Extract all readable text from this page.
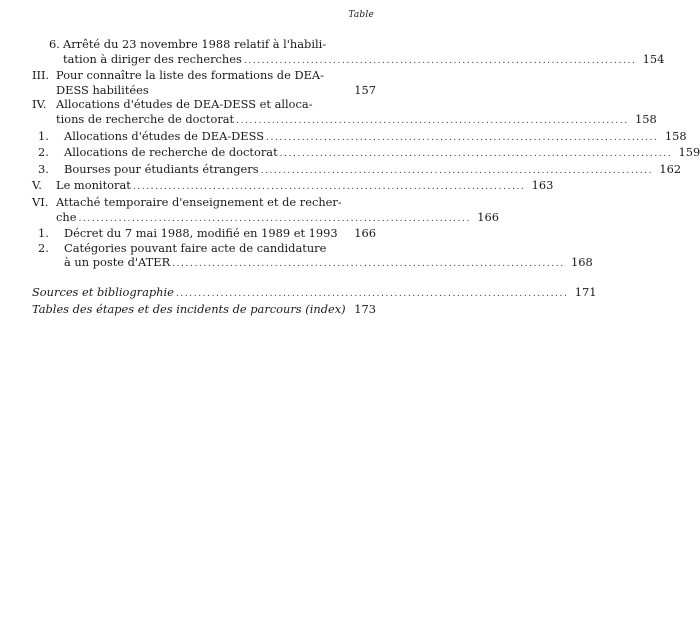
Table
6. Arrêté du 23 novembre 1988 relatif à l'habili-
tation à diriger des recherches ........................................................................................ 154
III. Pour connaître la liste des formations de DEA-
DESS habilitées	157
IV. Allocations d'études de DEA-DESS et alloca-
tions de recherche de doctorat ........................................................................................ 158
1.	Allocations d'études de DEA-DESS ........................................................................................ 158
2.	Allocations de recherche de doctorat ........................................................................................ 159
3.	Bourses pour étudiants étrangers ........................................................................................ 162
V.	Le monitorat ........................................................................................ 163
VI. Attaché temporaire d'enseignement et de recher-
che ........................................................................................ 166
1.	Décret du 7 mai 1988, modifié en 1989 et 1993	166
2.	Catégories pouvant faire acte de candidature
à un poste d'ATER ........................................................................................ 168
Sources et bibliographie ........................................................................................ 171
Tables des étapes et des incidents de parcours (index) 173
